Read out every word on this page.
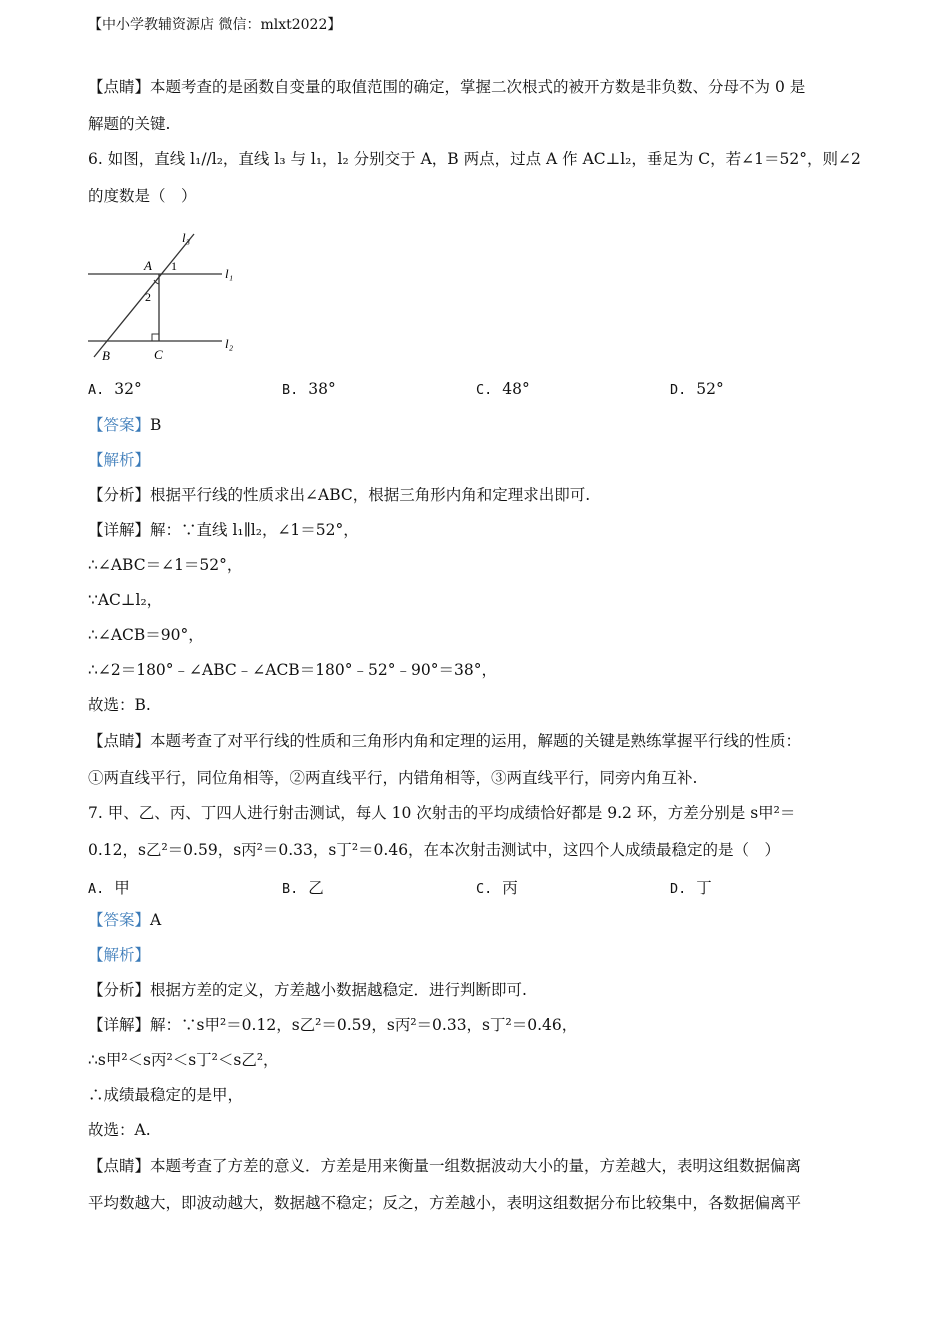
【中小学教辅资源店 微信：mlxt2022】
【点睛】本题考查的是函数自变量的取值范围的确定，掌握二次根式的被开方数是非负数、分母不为 0 是
解题的关键.
6. 如图，直线 l₁//l₂，直线 l₃ 与 l₁，l₂ 分别交于 A，B 两点，过点 A 作 AC⊥l₂，垂足为 C，若∠1＝52°，则∠2
的度数是（　）
l₃
l₁
l₂
A 1
2
B	C
A. 32°	B. 38°	C. 48°	D. 52°
【答案】B
【解析】
【分析】根据平行线的性质求出∠ABC，根据三角形内角和定理求出即可.
【详解】解：∵直线 l₁∥l₂，∠1＝52°，
∴∠ABC＝∠1＝52°，
∵AC⊥l₂，
∴∠ACB＝90°，
∴∠2＝180°﹣∠ABC﹣∠ACB＝180°﹣52°﹣90°＝38°，
故选：B.
【点睛】本题考查了对平行线的性质和三角形内角和定理的运用，解题的关键是熟练掌握平行线的性质：
①两直线平行，同位角相等，②两直线平行，内错角相等，③两直线平行，同旁内角互补.
7. 甲、乙、丙、丁四人进行射击测试，每人 10 次射击的平均成绩恰好都是 9.2 环，方差分别是 s甲²＝
0.12，s乙²＝0.59，s丙²＝0.33，s丁²＝0.46，在本次射击测试中，这四个人成绩最稳定的是（　）
A. 甲	B. 乙	C. 丙	D. 丁
【答案】A
【解析】
【分析】根据方差的定义，方差越小数据越稳定．进行判断即可.
【详解】解：∵s甲²＝0.12，s乙²＝0.59，s丙²＝0.33，s丁²＝0.46，
∴s甲²＜s丙²＜s丁²＜s乙²，
∴成绩最稳定的是甲，
故选：A.
【点睛】本题考查了方差的意义．方差是用来衡量一组数据波动大小的量，方差越大，表明这组数据偏离
平均数越大，即波动越大，数据越不稳定；反之，方差越小，表明这组数据分布比较集中，各数据偏离平
